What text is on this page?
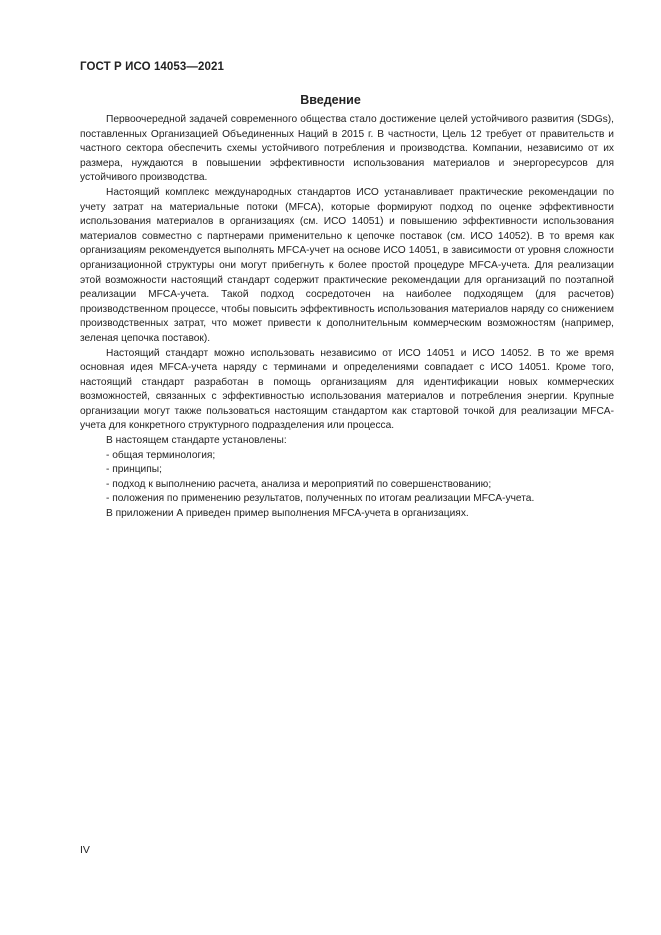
ГОСТ Р ИСО 14053—2021
Введение

Первоочередной задачей современного общества стало достижение целей устойчивого развития (SDGs), поставленных Организацией Объединенных Наций в 2015 г. В частности, Цель 12 требует от правительств и частного сектора обеспечить схемы устойчивого потребления и производства. Компании, независимо от их размера, нуждаются в повышении эффективности использования материалов и энергоресурсов для устойчивого производства.

Настоящий комплекс международных стандартов ИСО устанавливает практические рекомендации по учету затрат на материальные потоки (MFCA), которые формируют подход по оценке эффективности использования материалов в организациях (см. ИСО 14051) и повышению эффективности использования материалов совместно с партнерами применительно к цепочке поставок (см. ИСО 14052). В то время как организациям рекомендуется выполнять MFCA-учет на основе ИСО 14051, в зависимости от уровня сложности организационной структуры они могут прибегнуть к более простой процедуре MFCA-учета. Для реализации этой возможности настоящий стандарт содержит практические рекомендации для организаций по поэтапной реализации MFCA-учета. Такой подход сосредоточен на наиболее подходящем (для расчетов) производственном процессе, чтобы повысить эффективность использования материалов наряду со снижением производственных затрат, что может привести к дополнительным коммерческим возможностям (например, зеленая цепочка поставок).

Настоящий стандарт можно использовать независимо от ИСО 14051 и ИСО 14052. В то же время основная идея MFCA-учета наряду с терминами и определениями совпадает с ИСО 14051. Кроме того, настоящий стандарт разработан в помощь организациям для идентификации новых коммерческих возможностей, связанных с эффективностью использования материалов и потребления энергии. Крупные организации могут также пользоваться настоящим стандартом как стартовой точкой для реализации MFCA-учета для конкретного структурного подразделения или процесса.

В настоящем стандарте установлены:

- общая терминология;

- принципы;

- подход к выполнению расчета, анализа и мероприятий по совершенствованию;

- положения по применению результатов, полученных по итогам реализации MFCA-учета.

В приложении А приведен пример выполнения MFCA-учета в организациях.

IV
